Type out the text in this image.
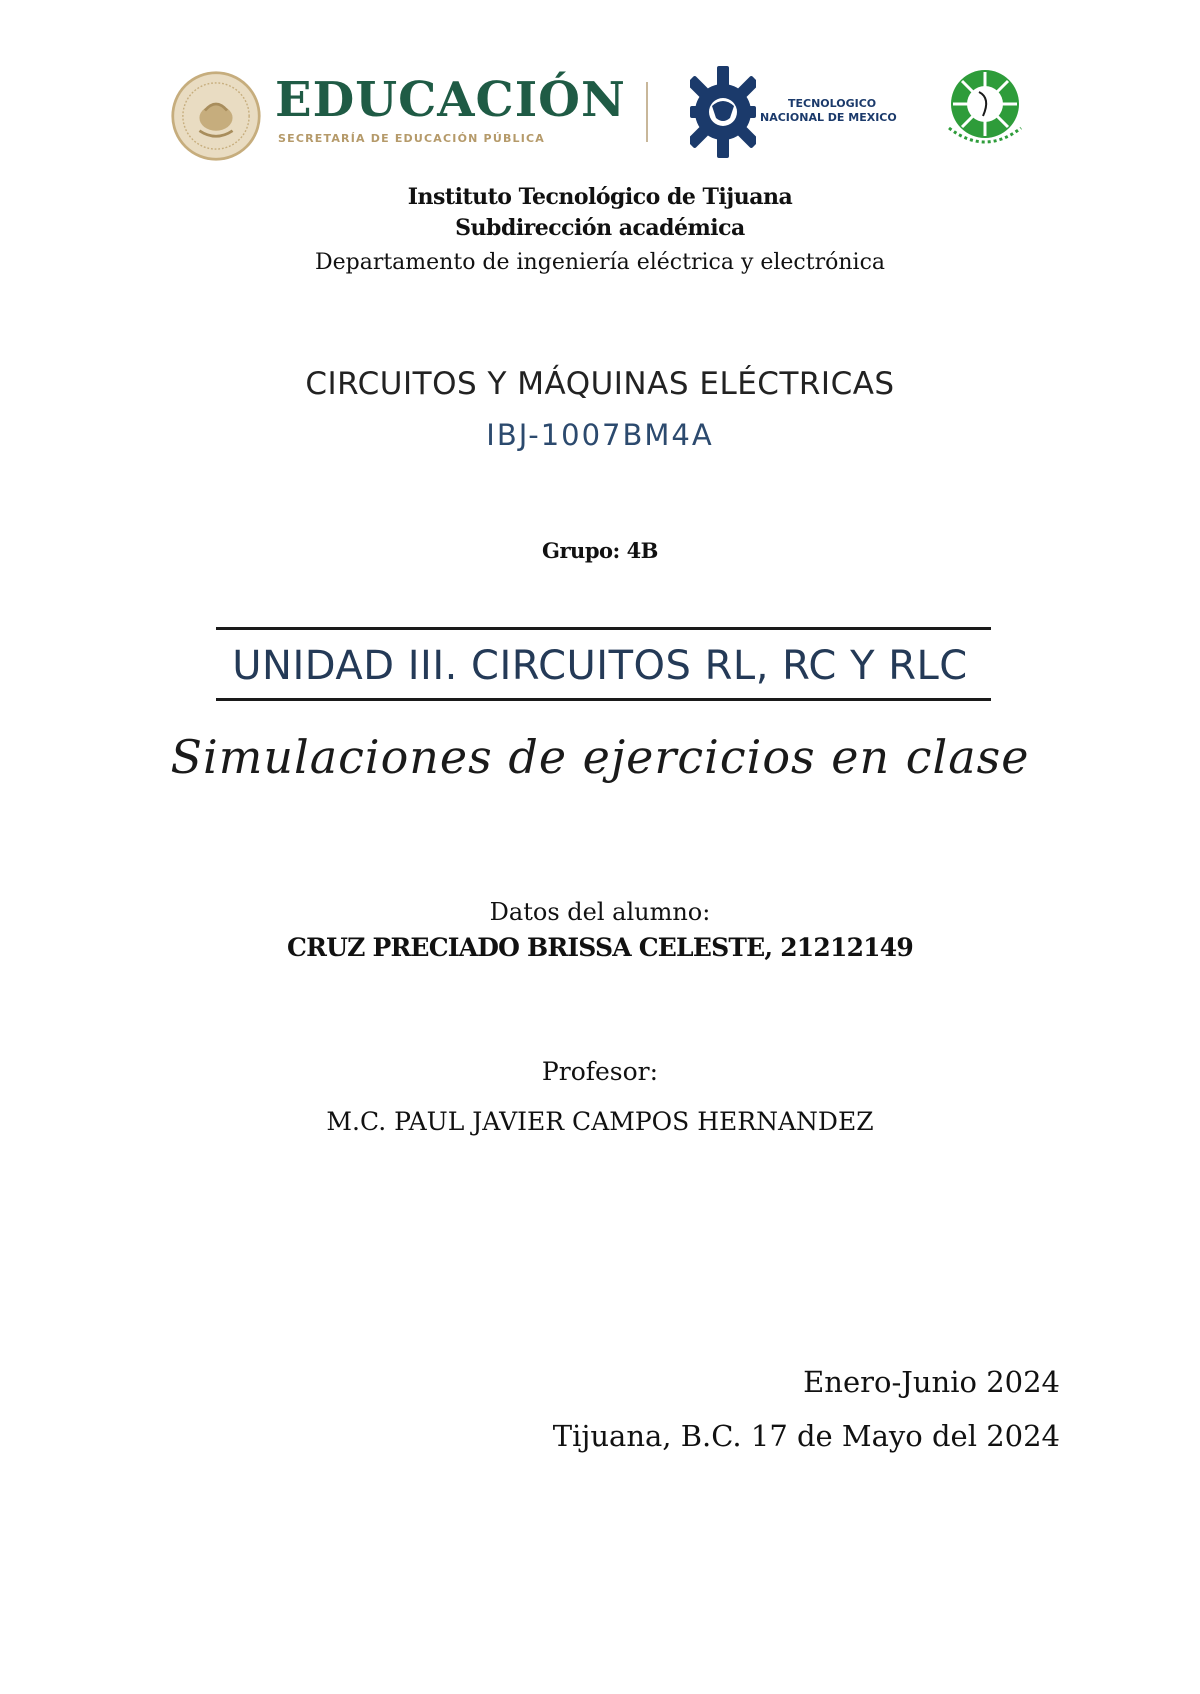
EDUCACIÓN
SECRETARÍA DE EDUCACIÓN PÚBLICA
TECNOLOGICO
NACIONAL DE MEXICO
Instituto Tecnológico de Tijuana
Subdirección académica
Departamento de ingeniería eléctrica y electrónica
CIRCUITOS Y MÁQUINAS ELÉCTRICAS
IBJ-1007BM4A
Grupo: 4B
UNIDAD III. CIRCUITOS RL, RC Y RLC
Simulaciones de ejercicios en clase
Datos del alumno:
CRUZ PRECIADO BRISSA CELESTE, 21212149
Profesor:
M.C. PAUL JAVIER CAMPOS HERNANDEZ
Enero-Junio 2024
Tijuana, B.C. 17 de Mayo del 2024
